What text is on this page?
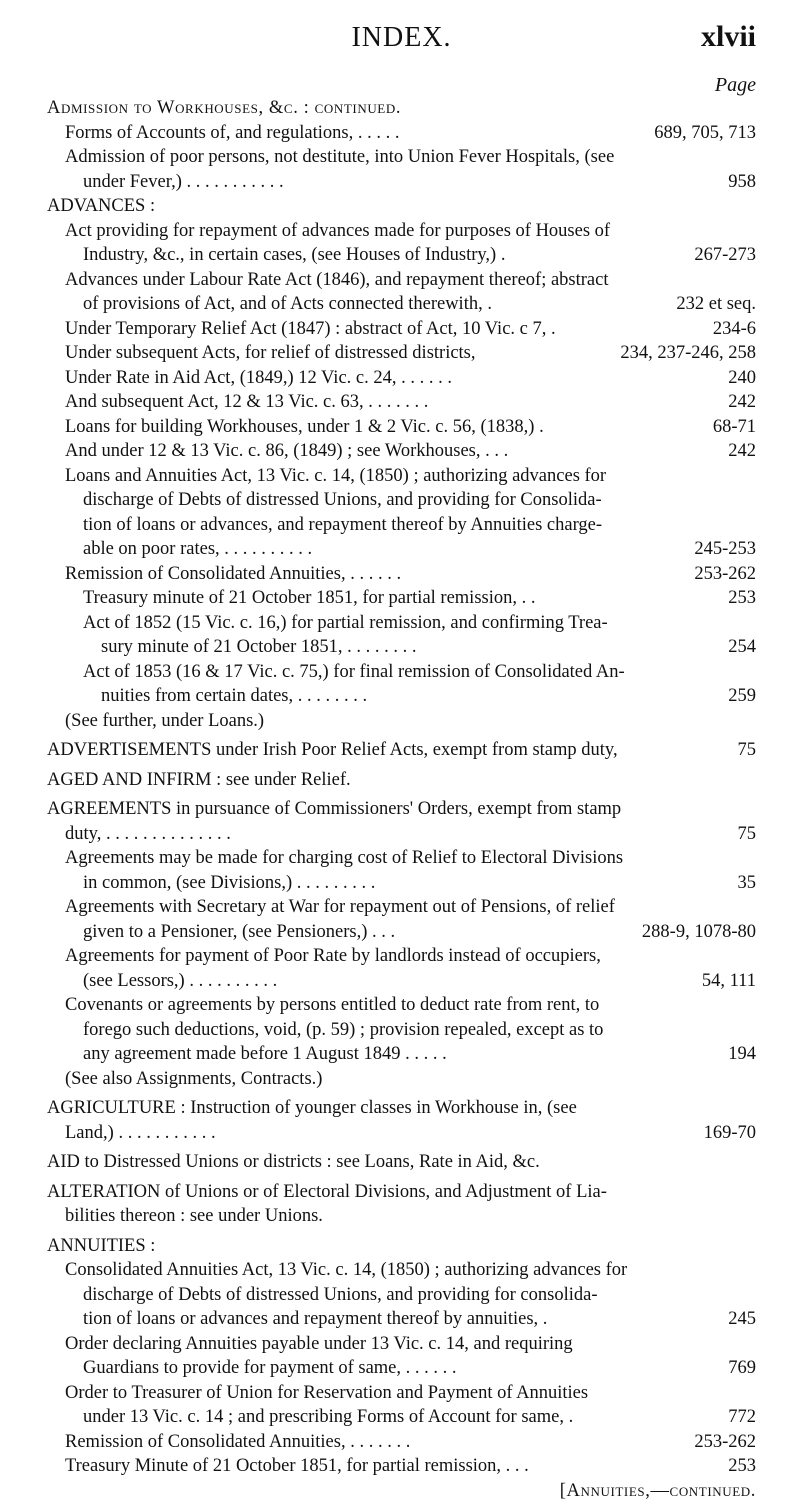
INDEX.	xlvii
Page
Admission to Workhouses, &c. : continued.
Forms of Accounts of, and regulations, . . . . .	689, 705, 713
Admission of poor persons, not destitute, into Union Fever Hospitals, (see
under Fever,) . . . . . . . . . . .	958
ADVANCES :
Act providing for repayment of advances made for purposes of Houses of
Industry, &c., in certain cases, (see Houses of Industry,) .	267-273
Advances under Labour Rate Act (1846), and repayment thereof; abstract
of provisions of Act, and of Acts connected therewith, .	232 et seq.
Under Temporary Relief Act (1847) : abstract of Act, 10 Vic. c 7, .	234-6
Under subsequent Acts, for relief of distressed districts,	234, 237-246, 258
Under Rate in Aid Act, (1849,) 12 Vic. c. 24, . . . . . .	240
And subsequent Act, 12 & 13 Vic. c. 63, . . . . . . .	242
Loans for building Workhouses, under 1 & 2 Vic. c. 56, (1838,) .	68-71
And under 12 & 13 Vic. c. 86, (1849) ; see Workhouses, . . .	242
Loans and Annuities Act, 13 Vic. c. 14, (1850) ; authorizing advances for
discharge of Debts of distressed Unions, and providing for Consolida-
tion of loans or advances, and repayment thereof by Annuities charge-
able on poor rates, . . . . . . . . . .	245-253
Remission of Consolidated Annuities, . . . . . .	253-262
Treasury minute of 21 October 1851, for partial remission, . .	253
Act of 1852 (15 Vic. c. 16,) for partial remission, and confirming Trea-
sury minute of 21 October 1851, . . . . . . . .	254
Act of 1853 (16 & 17 Vic. c. 75,) for final remission of Consolidated An-
nuities from certain dates, . . . . . . . .	259
(See further, under Loans.)
ADVERTISEMENTS under Irish Poor Relief Acts, exempt from stamp duty,	75
AGED AND INFIRM : see under Relief.
AGREEMENTS in pursuance of Commissioners' Orders, exempt from stamp
duty, . . . . . . . . . . . . . .	75
Agreements may be made for charging cost of Relief to Electoral Divisions
in common, (see Divisions,) . . . . . . . . .	35
Agreements with Secretary at War for repayment out of Pensions, of relief
given to a Pensioner, (see Pensioners,) . . .	288-9, 1078-80
Agreements for payment of Poor Rate by landlords instead of occupiers,
(see Lessors,) . . . . . . . . . .	54, 111
Covenants or agreements by persons entitled to deduct rate from rent, to
forego such deductions, void, (p. 59) ; provision repealed, except as to
any agreement made before 1 August 1849 . . . . .	194
(See also Assignments, Contracts.)
AGRICULTURE : Instruction of younger classes in Workhouse in, (see
Land,) . . . . . . . . . . .	169-70
AID to Distressed Unions or districts : see Loans, Rate in Aid, &c.
ALTERATION of Unions or of Electoral Divisions, and Adjustment of Lia-
bilities thereon : see under Unions.
ANNUITIES :
Consolidated Annuities Act, 13 Vic. c. 14, (1850) ; authorizing advances for
discharge of Debts of distressed Unions, and providing for consolida-
tion of loans or advances and repayment thereof by annuities, .	245
Order declaring Annuities payable under 13 Vic. c. 14, and requiring
Guardians to provide for payment of same, . . . . . .	769
Order to Treasurer of Union for Reservation and Payment of Annuities
under 13 Vic. c. 14 ; and prescribing Forms of Account for same, .	772
Remission of Consolidated Annuities, . . . . . . .	253-262
Treasury Minute of 21 October 1851, for partial remission, . . .	253
[Annuities,—continued.
